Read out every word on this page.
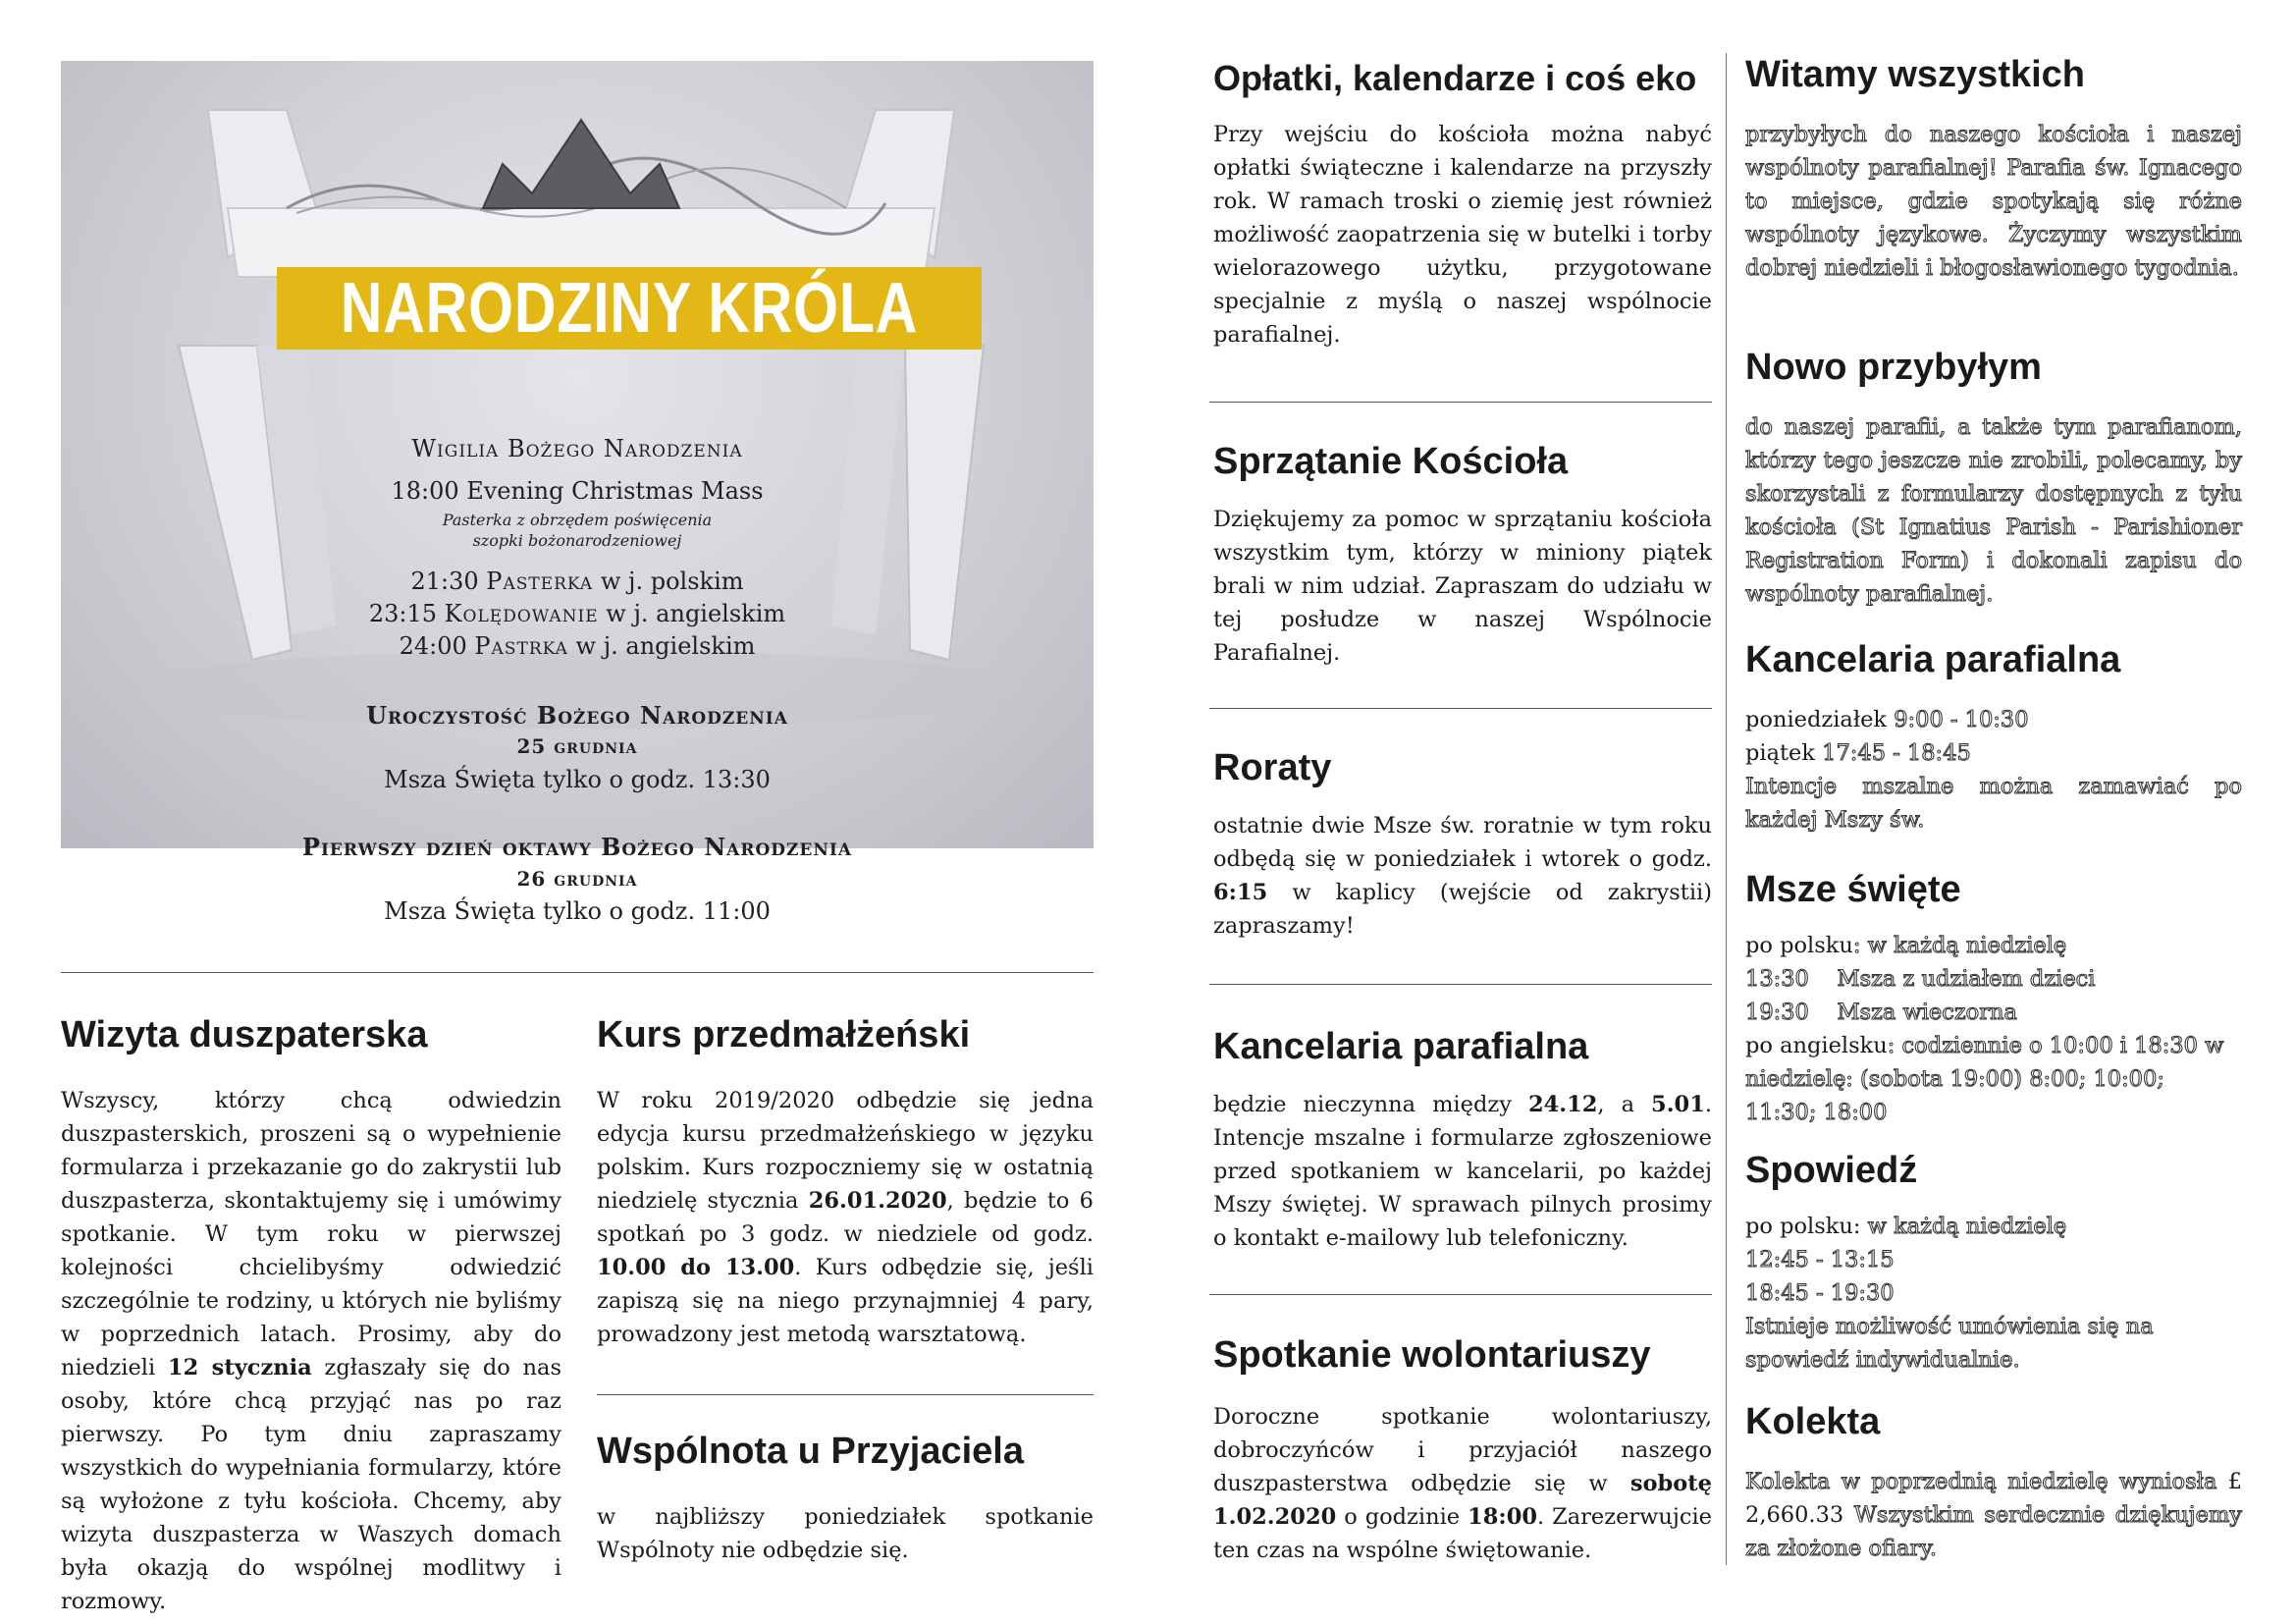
NARODZINY KRÓLA
Wigilia Bożego Narodzenia
18:00 Evening Christmas Mass
Pasterka z obrzędem poświęcenia
szopki bożonarodzeniowej
21:30 Pasterka w j. polskim
23:15 Kolędowanie w j. angielskim
24:00 Pastrka w j. angielskim
Uroczystość Bożego Narodzenia
25 grudnia
Msza Święta tylko o godz. 13:30
Pierwszy dzień oktawy Bożego Narodzenia
26 grudnia
Msza Święta tylko o godz. 11:00
Wizyta duszpaterska
Wszyscy, którzy chcą odwiedzin duszpasterskich, proszeni są o wypełnienie formularza i przekazanie go do zakrystii lub duszpasterza, skontaktujemy się i umówimy spotkanie. W tym roku w pierwszej kolejności chcielibyśmy odwiedzić szczególnie te rodziny, u których nie byliśmy w poprzednich latach. Prosimy, aby do niedzieli 12 stycznia zgłaszały się do nas osoby, które chcą przyjąć nas po raz pierwszy. Po tym dniu zapraszamy wszystkich do wypełniania formularzy, które są wyłożone z tyłu kościoła. Chcemy, aby wizyta duszpasterza w Waszych domach była okazją do wspólnej modlitwy i rozmowy.
Kurs przedmałżeński
W roku 2019/2020 odbędzie się jedna edycja kursu przedmałżeńskiego w języku polskim. Kurs rozpoczniemy się w ostatnią niedzielę stycznia 26.01.2020, będzie to 6 spotkań po 3 godz. w niedziele od godz. 10.00 do 13.00. Kurs odbędzie się, jeśli zapiszą się na niego przynajmniej 4 pary, prowadzony jest metodą warsztatową.
Wspólnota u Przyjaciela
w najbliższy poniedziałek spotkanie Wspólnoty nie odbędzie się.
Opłatki, kalendarze i coś eko
Przy wejściu do kościoła można nabyć opłatki świąteczne i kalendarze na przyszły rok. W ramach troski o ziemię jest również możliwość zaopatrzenia się w butelki i torby wielorazowego użytku, przygotowane specjalnie z myślą o naszej wspólnocie parafialnej.
Sprzątanie Kościoła
Dziękujemy za pomoc w sprzątaniu kościoła wszystkim tym, którzy w miniony piątek brali w nim udział. Zapraszam do udziału w tej posłudze w naszej Wspólnocie Parafialnej.
Roraty
ostatnie dwie Msze św. roratnie w tym roku odbędą się w poniedziałek i wtorek o godz. 6:15 w kaplicy (wejście od zakrystii) zapraszamy!
Kancelaria parafialna
będzie nieczynna między 24.12, a 5.01. Intencje mszalne i formularze zgłoszeniowe przed spotkaniem w kancelarii, po każdej Mszy świętej. W sprawach pilnych prosimy o kontakt e-mailowy lub telefoniczny.
Spotkanie wolontariuszy
Doroczne spotkanie wolontariuszy, dobroczyńców i przyjaciół naszego duszpasterstwa odbędzie się w sobotę 1.02.2020 o godzinie 18:00. Zarezerwujcie ten czas na wspólne świętowanie.
Witamy wszystkich
przybyłych do naszego kościoła i naszej wspólnoty parafialnej! Parafia św. Ignacego to miejsce, gdzie spotykają się różne wspólnoty językowe. Życzymy wszystkim dobrej niedzieli i błogosławionego tygodnia.
Nowo przybyłym
do naszej parafii, a także tym parafianom, którzy tego jeszcze nie zrobili, polecamy, by skorzystali z formularzy dostępnych z tyłu kościoła (St Ignatius Parish - Parishioner Registration Form) i dokonali zapisu do wspólnoty parafialnej.
Kancelaria parafialna
poniedziałek 9:00 - 10:30
piątek 17:45 - 18:45
Intencje mszalne można zamawiać po każdej Mszy św.
Msze święte
po polsku: w każdą niedzielę
13:30    Msza z udziałem dzieci
19:30    Msza wieczorna
po angielsku: codziennie o 10:00 i 18:30 w niedzielę: (sobota 19:00) 8:00; 10:00; 11:30; 18:00
Spowiedź
po polsku: w każdą niedzielę
12:45 - 13:15
18:45 - 19:30
Istnieje możliwość umówienia się na spowiedź indywidualnie.
Kolekta
Kolekta w poprzednią niedzielę wyniosła £ 2,660.33 Wszystkim serdecznie dziękujemy za złożone ofiary.
